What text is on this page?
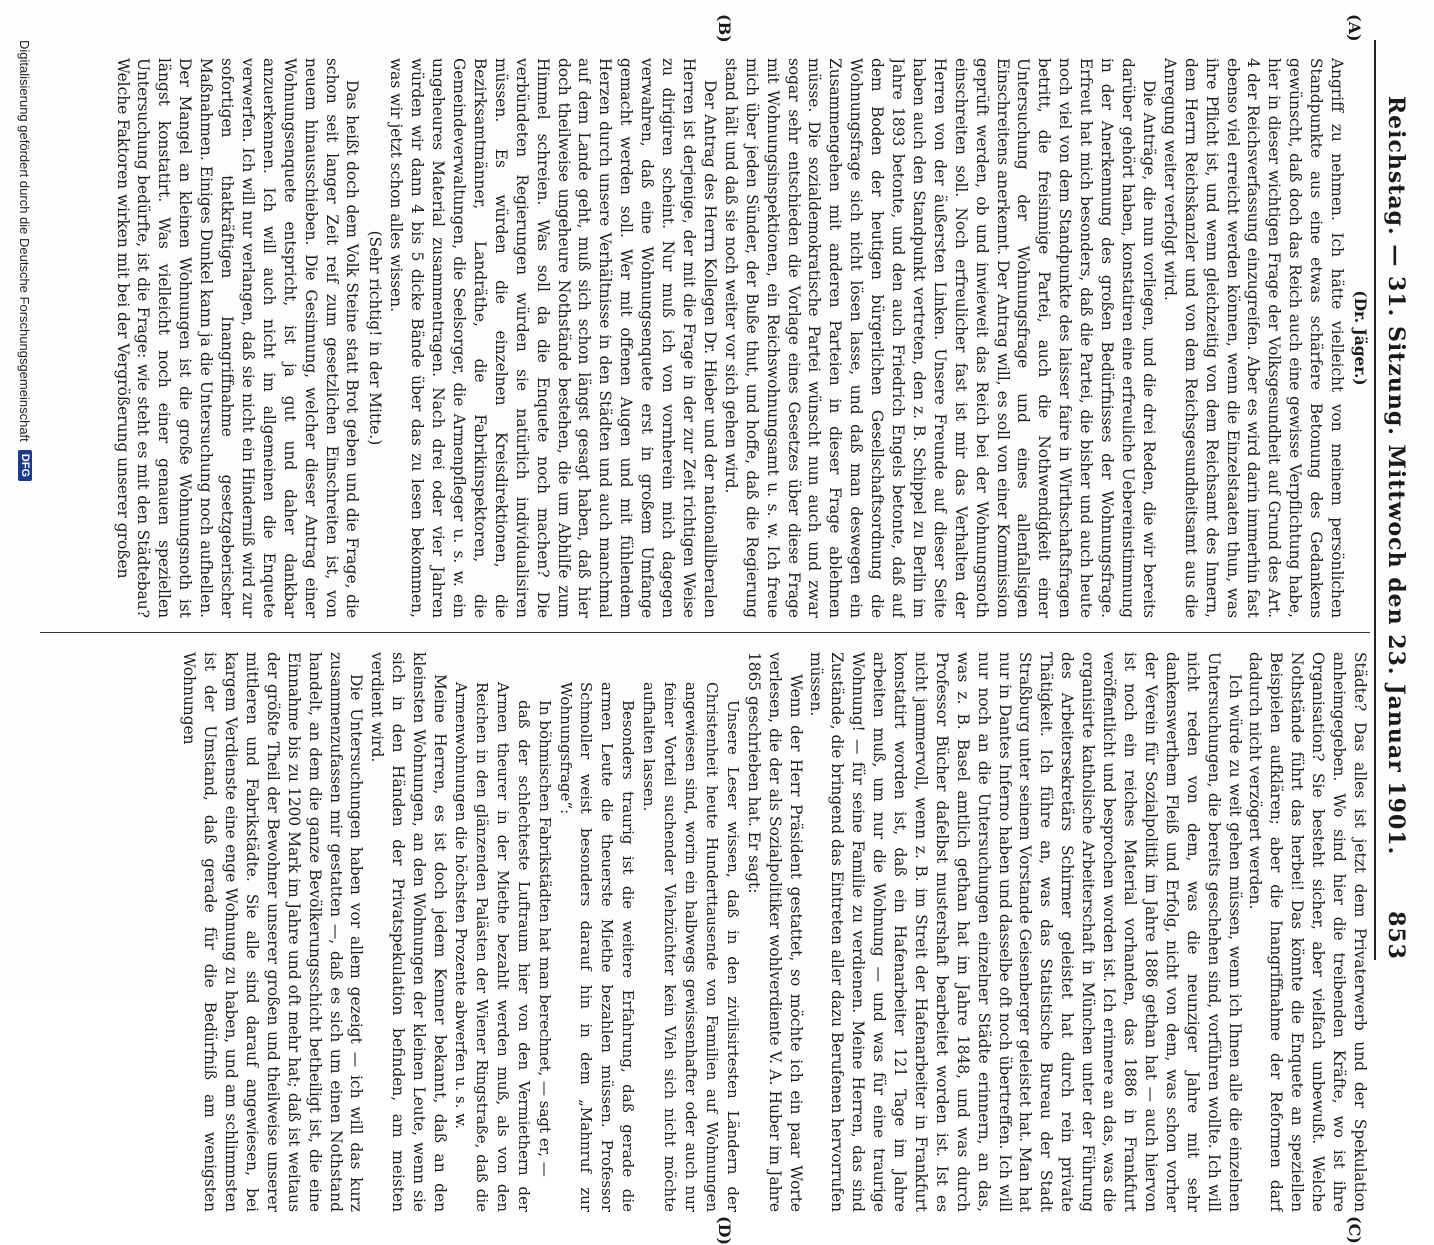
Reichstag. — 31. Sitzung. Mittwoch den 23. Januar 1901.
853
(A)
(B)
(C)
(D)

(Dr. Jäger.)

Angriff zu nehmen. Ich hätte vielleicht von meinem persönlichen Standpunkte aus eine etwas schärfere Betonung des Gedankens gewünscht, daß doch das Reich auch eine gewisse Verpflichtung habe, hier in dieser wichtigen Frage der Volksgesundheit auf Grund des Art. 4 der Reichsverfassung einzugreifen. Aber es wird darin immerhin fast ebenso viel erreicht werden können, wenn die Einzelstaaten thun, was ihre Pflicht ist, und wenn gleichzeitig von dem Reichsamt des Innern, dem Herrn Reichskanzler und von dem Reichsgesundheitsamt aus die Anregung weiter verfolgt wird.

Die Anträge, die nun vorliegen, und die drei Reden, die wir bereits darüber gehört haben, konstatiren eine erfreuliche Uebereinstimmung in der Anerkennung des großen Bedürfnisses der Wohnungsfrage. Erfreut hat mich besonders, daß die Partei, die bisher und auch heute noch viel von dem Standpunkte des laisser faire in Wirthschaftsfragen betritt, die freisinnige Partei, auch die Nothwendigkeit einer Untersuchung der Wohnungsfrage und eines allenfallsigen Einschreitens anerkennt. Der Antrag will, es soll von einer Kommission geprüft werden, ob und inwieweit das Reich bei der Wohnungsnoth einschreiten soll. Noch erfreulicher fast ist mir das Verhalten der Herren von der äußersten Linken. Unsere Freunde auf dieser Seite haben auch den Standpunkt vertreten, den z. B. Schippel zu Berlin im Jahre 1893 betonte, und den auch Friedrich Engels betonte, daß auf dem Boden der heutigen bürgerlichen Gesellschaftsordnung die Wohnungsfrage sich nicht lösen lasse, und daß man deswegen ein Zusammengehen mit anderen Parteien in dieser Frage ablehnen müsse. Die sozialdemokratische Partei wünscht nun auch und zwar sogar sehr entschieden die Vorlage eines Gesetzes über diese Frage mit Wohnungsinspektionen, ein Reichswohnungsamt u. s. w. Ich freue mich über jeden Sünder, der Buße thut, und hoffe, daß die Regierung stand hält und daß sie noch weiter vor sich gehen wird.

Der Antrag des Herrn Kollegen Dr. Hieber und der nationalliberalen Herren ist derjenige, der mit die Frage in der zur Zeit richtigen Weise zu dirigiren scheint. Nur muß ich von vornherein mich dagegen verwahren, daß eine Wohnungsenquete erst in großem Umfange gemacht werden soll. Wer mit offenen Augen und mit fühlendem Herzen durch unsere Verhältnisse in den Städten und auch manchmal auf dem Lande geht, muß sich schon längst gesagt haben, daß hier doch theilweise ungeheure Nothstände bestehen, die um Abhilfe zum Himmel schreien. Was soll da die Enquete noch machen? Die verbündeten Regierungen würden sie natürlich individualisiren müssen. Es würden die einzelnen Kreisdirektionen, die Bezirksamtmänner, Landräthe, die Fabrikinspektoren, die Gemeindeverwaltungen, die Seelsorger, die Armenpfleger u. s. w. ein ungeheures Material zusammentragen. Nach drei oder vier Jahren würden wir dann 4 bis 5 dicke Bände über das zu lesen bekommen, was wir jetzt schon alles wissen.

(Sehr richtig! in der Mitte.)

Das heißt doch dem Volk Steine statt Brot geben und die Frage, die schon seit langer Zeit reif zum gesetzlichen Einschreiten ist, von neuem hinausschieben. Die Gesinnung, welcher dieser Antrag einer Wohnungsenquete entspricht, ist ja gut und daher dankbar anzuerkennen. Ich will auch nicht im allgemeinen die Enquete verwerfen. Ich will nur verlangen, daß sie nicht ein Hinderniß wird zur sofortigen thatkräftigen Inangriffnahme gesetzgeberischer Maßnahmen. Einiges Dunkel kann ja die Untersuchung noch aufhellen. Der Mangel an kleinen Wohnungen ist die große Wohnungsnoth ist längst konstatirt. Was vielleicht noch einer genauen speziellen Untersuchung bedürfte, ist die Frage: wie steht es mit den Städtebau? Welche Faktoren wirken mit bei der Vergrößerung unserer großen

Städte? Das alles ist jetzt dem Privaterwerb und der Spekulation anheimgegeben. Wo sind hier die treibenden Kräfte, wo ist ihre Organisation? Sie besteht sicher, aber vielfach unbewußt. Welche Nothstände führt das herbei! Das könnte die Enquete an speziellen Beispielen aufklären; aber die Inangriffnahme der Reformen darf dadurch nicht verzögert werden.

Ich würde zu weit gehen müssen, wenn ich Ihnen alle die einzelnen Untersuchungen, die bereits geschehen sind, vorführen wollte. Ich will nicht reden von dem, was die neunziger Jahre mit sehr dankenswerthem Fleiß und Erfolg, nicht von dem, was schon vorher der Verein für Sozialpolitik im Jahre 1886 gethan hat — auch hiervon ist noch ein reiches Material vorhanden, das 1886 in Frankfurt veröffentlicht und besprochen worden ist. Ich erinnere an das, was die organisirte katholische Arbeiterschaft in München unter der Führung des Arbeitersekretärs Schirmer geleistet hat durch rein private Thätigkeit. Ich führe an, was das Statistische Bureau der Stadt Straßburg unter seinem Vorstande Geisenberger geleistet hat. Man hat nur in Dantes Inferno haben und dasselbe oft noch übertreffen. Ich will nur noch an die Untersuchungen einzelner Städte erinnern, an das, was z. B. Basel amtlich gethan hat im Jahre 1848, und was durch Professor Bücher dafelbst mustershaft bearbeitet worden ist. Ist es nicht jammervoll, wenn z. B. im Streit der Hafenarbeiter in Frankfurt konstatirt worden ist, daß ein Hafenarbeiter 121 Tage im Jahre arbeiten muß, um nur die Wohnung — und was für eine traurige Wohnung! — für seine Familie zu verdienen. Meine Herren, das sind Zustände, die bringend das Eintreten aller dazu Berufenen hervorrufen müssen.

Wenn der Herr Präsident gestattet, so möchte ich ein paar Worte verlesen, die der als Sozialpolitiker wohlverdiente V. A. Huber im Jahre 1865 geschrieben hat. Er sagt:

Unsere Leser wissen, daß in den zivilisirtesten Ländern der Christenheit heute Hunderttausende von Familien auf Wohnungen angewiesen sind, worin ein halbwegs gewissenhafter oder auch nur feiner Vorteil suchender Viehzüchter kein Vieh sich nicht möchte aufhalten lassen.

Besonders traurig ist die weitere Erfahrung, daß gerade die armen Leute die theuerste Miethe bezahlen müssen. Professor Schmoller weist besonders darauf hin in dem „Mahnruf zur Wohnungsfrage“:

In böhmischen Fabrikstädten hat man berechnet, — sagt er, —

daß der schlechteste Luftraum hier von den Vermiethern der Armen theurer in der Miethe bezahlt werden muß, als von den Reichen in den glänzenden Palästen der Wiener Ringstraße, daß die Armenwohnungen die höchsten Prozente abwerfen u. s. w.

Meine Herren, es ist doch jedem Kenner bekannt, daß an den kleinsten Wohnungen, an den Wohnungen der kleinen Leute, wenn sie sich in den Händen der Privatspekulation befinden, am meisten verdient wird.

Die Untersuchungen haben vor allem gezeigt — ich will das kurz zusammenzufassen mir gestatten —, daß es sich um einen Nothstand handelt, an dem die ganze Bevölkerungsschicht betheiligt ist, die eine Einnahme bis zu 1200 Mark im Jahre und oft mehr hat; daß ist weitaus der größte Theil der Bewohner unserer großen und theilweise unserer mittleren und Fabrikstädte. Sie alle sind darauf angewiesen, bei kargem Verdienste eine enge Wohnung zu haben, und am schlimmsten ist der Umstand, daß gerade für die Bedürfniß am wenigsten Wohnungen

Digitalisierung gefördert durch die Deutsche Forschungsgemeinschaft
DFG
